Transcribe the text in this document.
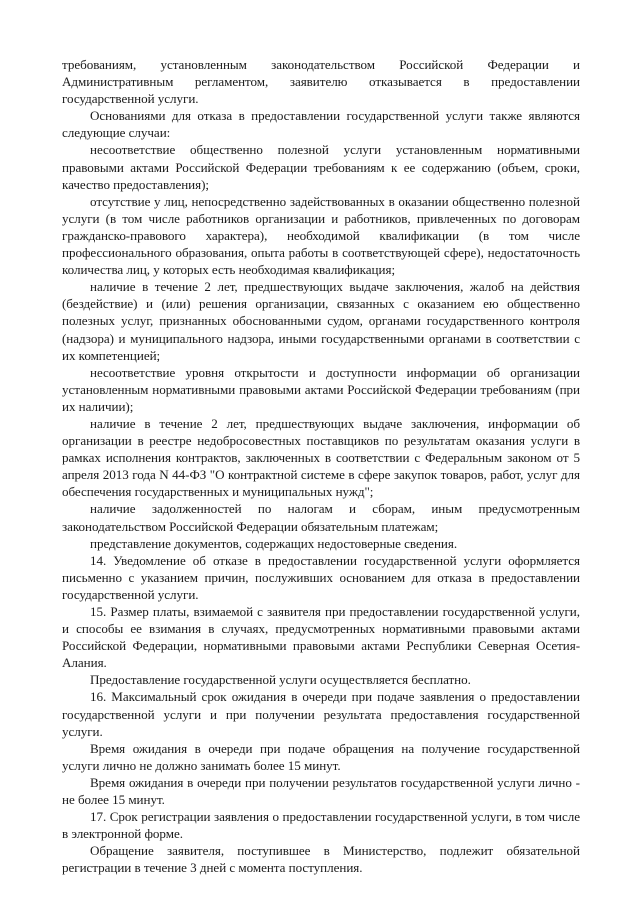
требованиям, установленным законодательством Российской Федерации и Административным регламентом, заявителю отказывается в предоставлении государственной услуги.

Основаниями для отказа в предоставлении государственной услуги также являются следующие случаи:

несоответствие общественно полезной услуги установленным нормативными правовыми актами Российской Федерации требованиям к ее содержанию (объем, сроки, качество предоставления);

отсутствие у лиц, непосредственно задействованных в оказании общественно полезной услуги (в том числе работников организации и работников, привлеченных по договорам гражданско-правового характера), необходимой квалификации (в том числе профессионального образования, опыта работы в соответствующей сфере), недостаточность количества лиц, у которых есть необходимая квалификация;

наличие в течение 2 лет, предшествующих выдаче заключения, жалоб на действия (бездействие) и (или) решения организации, связанных с оказанием ею общественно полезных услуг, признанных обоснованными судом, органами государственного контроля (надзора) и муниципального надзора, иными государственными органами в соответствии с их компетенцией;

несоответствие уровня открытости и доступности информации об организации установленным нормативными правовыми актами Российской Федерации требованиям (при их наличии);

наличие в течение 2 лет, предшествующих выдаче заключения, информации об организации в реестре недобросовестных поставщиков по результатам оказания услуги в рамках исполнения контрактов, заключенных в соответствии с Федеральным законом от 5 апреля 2013 года N 44-ФЗ "О контрактной системе в сфере закупок товаров, работ, услуг для обеспечения государственных и муниципальных нужд";

наличие задолженностей по налогам и сборам, иным предусмотренным законодательством Российской Федерации обязательным платежам;

представление документов, содержащих недостоверные сведения.

14. Уведомление об отказе в предоставлении государственной услуги оформляется письменно с указанием причин, послуживших основанием для отказа в предоставлении государственной услуги.

15. Размер платы, взимаемой с заявителя при предоставлении государственной услуги, и способы ее взимания в случаях, предусмотренных нормативными правовыми актами Российской Федерации, нормативными правовыми актами Республики Северная Осетия-Алания.

Предоставление государственной услуги осуществляется бесплатно.

16. Максимальный срок ожидания в очереди при подаче заявления о предоставлении государственной услуги и при получении результата предоставления государственной услуги.

Время ожидания в очереди при подаче обращения на получение государственной услуги лично не должно занимать более 15 минут.

Время ожидания в очереди при получении результатов государственной услуги лично - не более 15 минут.

17. Срок регистрации заявления о предоставлении государственной услуги, в том числе в электронной форме.

Обращение заявителя, поступившее в Министерство, подлежит обязательной регистрации в течение 3 дней с момента поступления.
